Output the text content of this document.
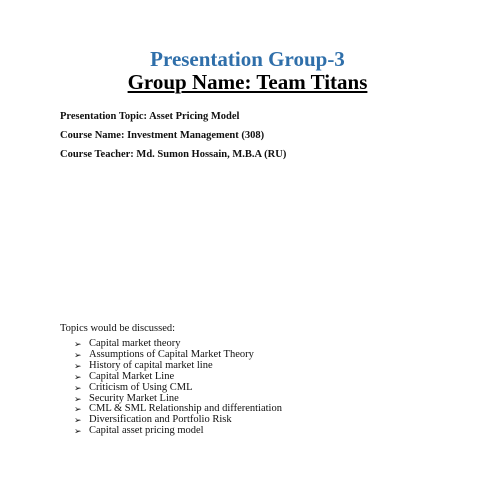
Presentation Group-3
Group Name: Team Titans
Presentation Topic: Asset Pricing Model
Course Name: Investment Management (308)
Course Teacher: Md. Sumon Hossain, M.B.A (RU)
Topics would be discussed:
➢ Capital market theory
➢ Assumptions of Capital Market Theory
➢ History of capital market line
➢ Capital Market Line
➢ Criticism of Using CML
➢ Security Market Line
➢ CML & SML Relationship and differentiation
➢ Diversification and Portfolio Risk
➢ Capital asset pricing model
